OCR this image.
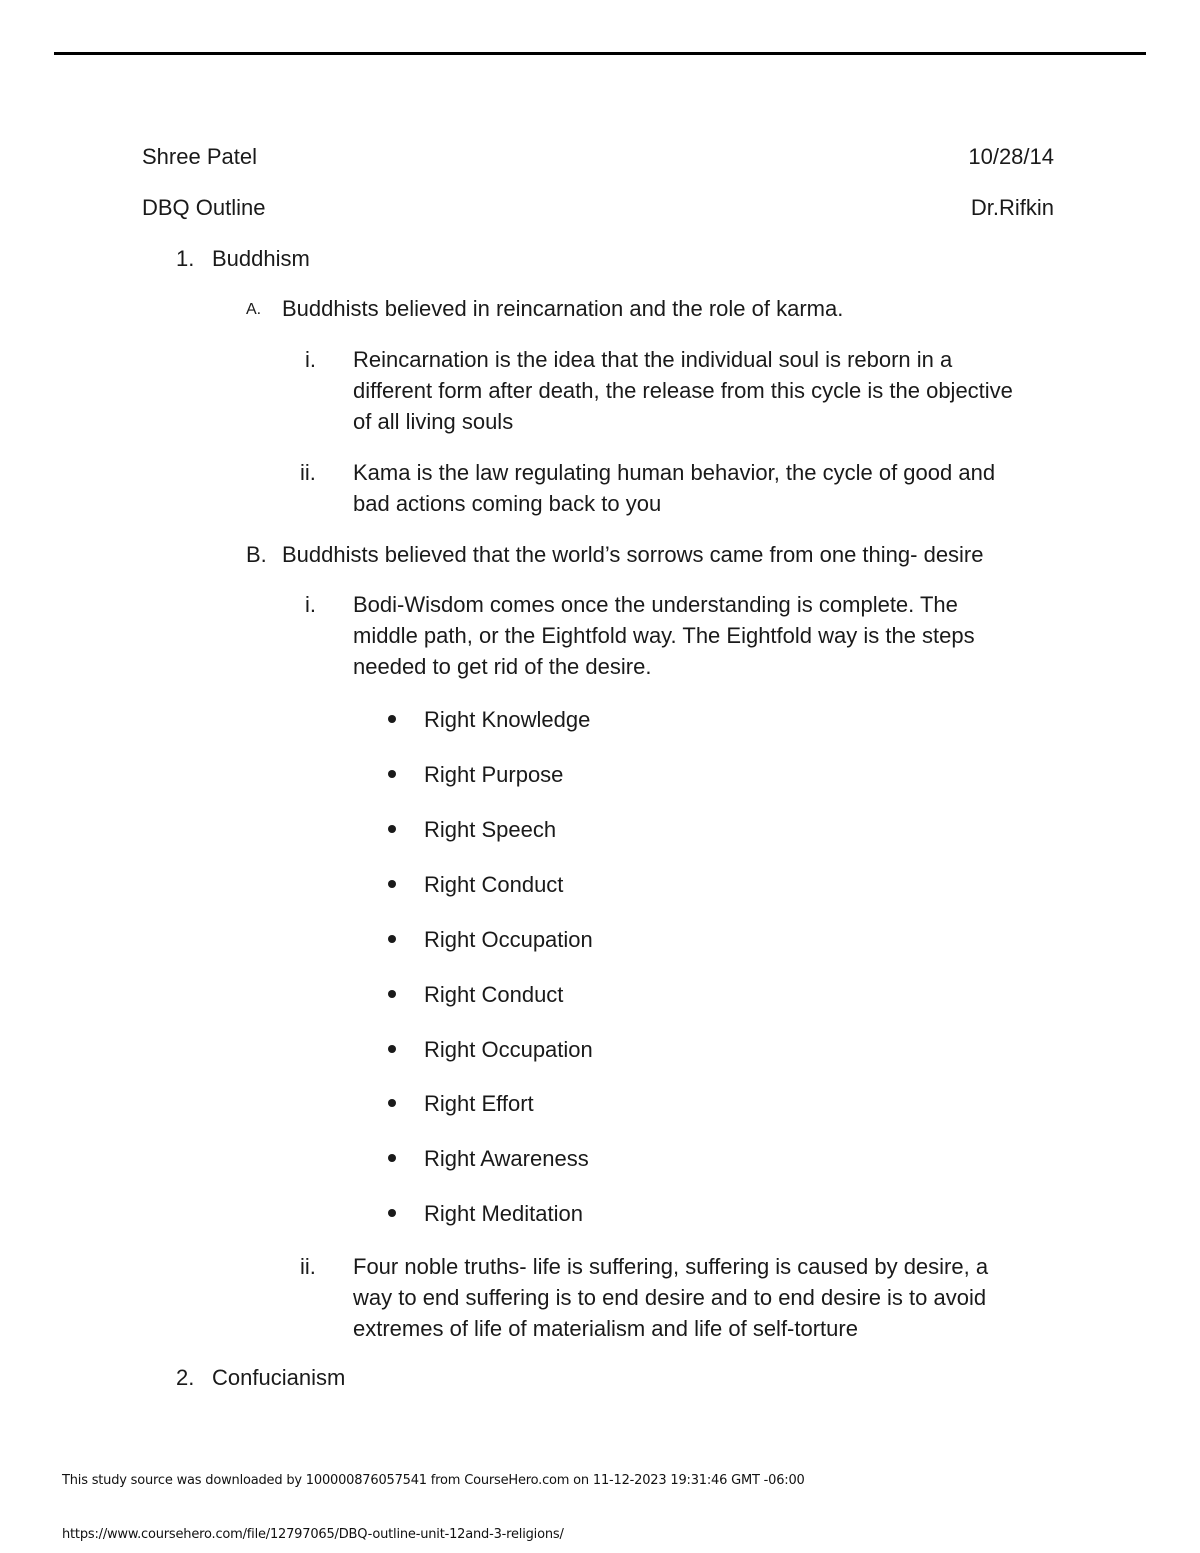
Shree Patel	10/28/14
DBQ Outline	Dr.Rifkin
1. Buddhism
A. Buddhists believed in reincarnation and the role of karma.
i. Reincarnation is the idea that the individual soul is reborn in a
different form after death, the release from this cycle is the objective
of all living souls
ii. Kama is the law regulating human behavior, the cycle of good and
bad actions coming back to you
B. Buddhists believed that the world’s sorrows came from one thing- desire
i. Bodi-Wisdom comes once the understanding is complete. The
middle path, or the Eightfold way. The Eightfold way is the steps
needed to get rid of the desire.
Right Knowledge
Right Purpose
Right Speech
Right Conduct
Right Occupation
Right Conduct
Right Occupation
Right Effort
Right Awareness
Right Meditation
ii. Four noble truths- life is suffering, suffering is caused by desire, a
way to end suffering is to end desire and to end desire is to avoid
extremes of life of materialism and life of self-torture
2. Confucianism
This study source was downloaded by 100000876057541 from CourseHero.com on 11-12-2023 19:31:46 GMT -06:00
https://www.coursehero.com/file/12797065/DBQ-outline-unit-12and-3-religions/
